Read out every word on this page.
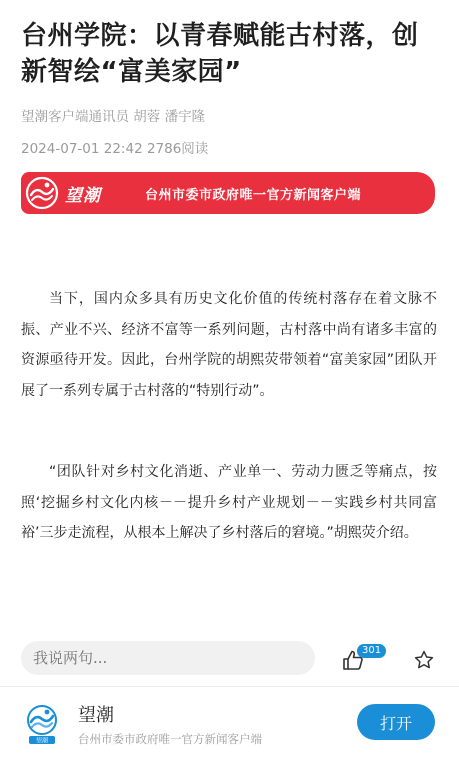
台州学院：以青春赋能古村落，创新智绘“富美家园”
望潮客户端通讯员 胡蓉 潘宇隆
2024-07-01 22:42 2786阅读
望潮	台州市委市政府唯一官方新闻客户端

当下，国内众多具有历史文化价值的传统村落存在着文脉不振、产业不兴、经济不富等一系列问题，古村落中尚有诸多丰富的资源亟待开发。因此，台州学院的胡熙荧带领着“富美家园”团队开展了一系列专属于古村落的“特别行动”。

“团队针对乡村文化消逝、产业单一、劳动力匮乏等痛点，按照‘挖掘乡村文化内核－－提升乡村产业规划－－实践乡村共同富裕’三步走流程，从根本上解决了乡村落后的窘境。”胡熙荧介绍。

我说两句...
301
望潮
望潮
台州市委市政府唯一官方新闻客户端
打开
